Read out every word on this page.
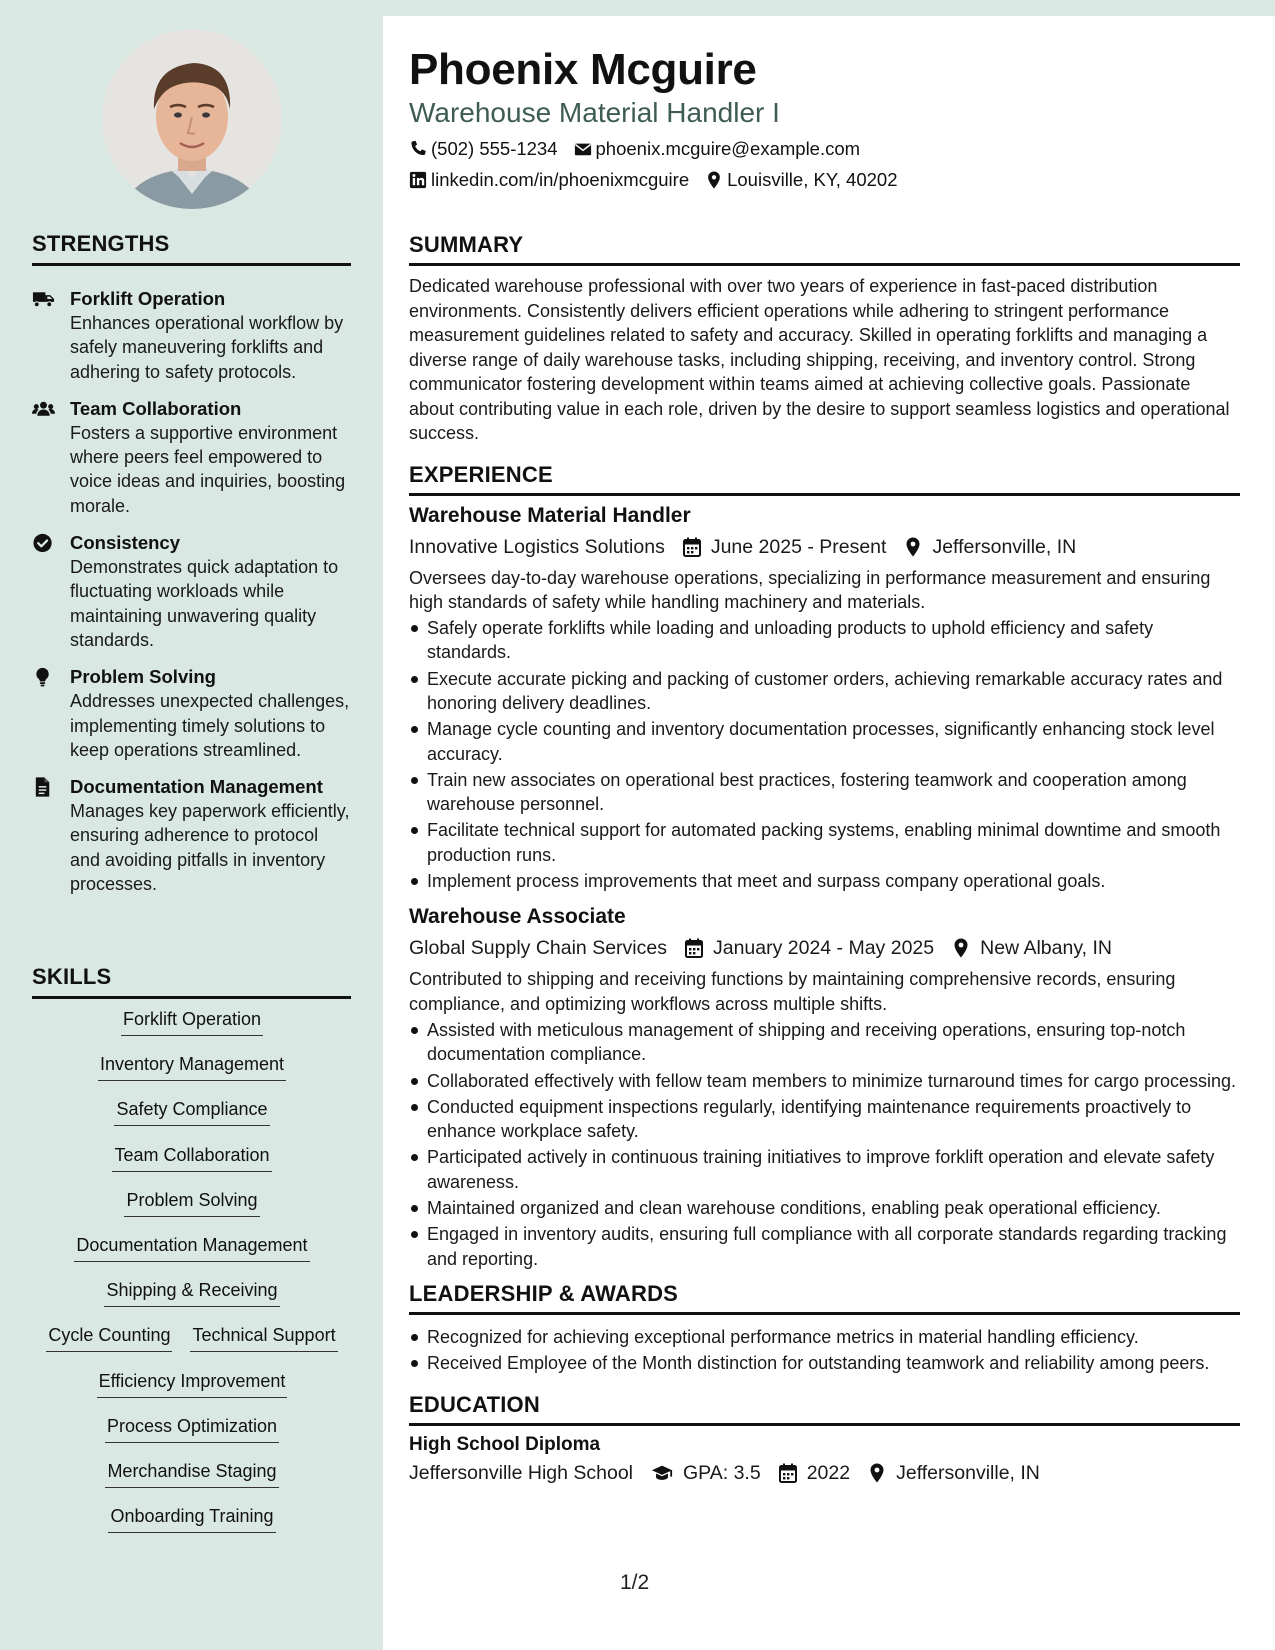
STRENGTHS
Forklift Operation
Enhances operational workflow by safely maneuvering forklifts and adhering to safety protocols.
Team Collaboration
Fosters a supportive environment where peers feel empowered to voice ideas and inquiries, boosting morale.
Consistency
Demonstrates quick adaptation to fluctuating workloads while maintaining unwavering quality standards.
Problem Solving
Addresses unexpected challenges, implementing timely solutions to keep operations streamlined.
Documentation Management
Manages key paperwork efficiently, ensuring adherence to protocol and avoiding pitfalls in inventory processes.
SKILLS
Forklift Operation
Inventory Management
Safety Compliance
Team Collaboration
Problem Solving
Documentation Management
Shipping & Receiving
Cycle Counting Technical Support
Efficiency Improvement
Process Optimization
Merchandise Staging
Onboarding Training
Phoenix Mcguire
Warehouse Material Handler I
(502) 555-1234 phoenix.mcguire@example.com
linkedin.com/in/phoenixmcguire Louisville, KY, 40202
SUMMARY
Dedicated warehouse professional with over two years of experience in fast-paced distribution environments. Consistently delivers efficient operations while adhering to stringent performance measurement guidelines related to safety and accuracy. Skilled in operating forklifts and managing a diverse range of daily warehouse tasks, including shipping, receiving, and inventory control. Strong communicator fostering development within teams aimed at achieving collective goals. Passionate about contributing value in each role, driven by the desire to support seamless logistics and operational success.
EXPERIENCE
Warehouse Material Handler
Innovative Logistics Solutions June 2025 - Present Jeffersonville, IN
Oversees day-to-day warehouse operations, specializing in performance measurement and ensuring high standards of safety while handling machinery and materials.
Safely operate forklifts while loading and unloading products to uphold efficiency and safety standards.
Execute accurate picking and packing of customer orders, achieving remarkable accuracy rates and honoring delivery deadlines.
Manage cycle counting and inventory documentation processes, significantly enhancing stock level accuracy.
Train new associates on operational best practices, fostering teamwork and cooperation among warehouse personnel.
Facilitate technical support for automated packing systems, enabling minimal downtime and smooth production runs.
Implement process improvements that meet and surpass company operational goals.
Warehouse Associate
Global Supply Chain Services January 2024 - May 2025 New Albany, IN
Contributed to shipping and receiving functions by maintaining comprehensive records, ensuring compliance, and optimizing workflows across multiple shifts.
Assisted with meticulous management of shipping and receiving operations, ensuring top-notch documentation compliance.
Collaborated effectively with fellow team members to minimize turnaround times for cargo processing.
Conducted equipment inspections regularly, identifying maintenance requirements proactively to enhance workplace safety.
Participated actively in continuous training initiatives to improve forklift operation and elevate safety awareness.
Maintained organized and clean warehouse conditions, enabling peak operational efficiency.
Engaged in inventory audits, ensuring full compliance with all corporate standards regarding tracking and reporting.
LEADERSHIP & AWARDS
Recognized for achieving exceptional performance metrics in material handling efficiency.
Received Employee of the Month distinction for outstanding teamwork and reliability among peers.
EDUCATION
High School Diploma
Jeffersonville High School	GPA: 3.5 2022 Jeffersonville, IN
1/2
